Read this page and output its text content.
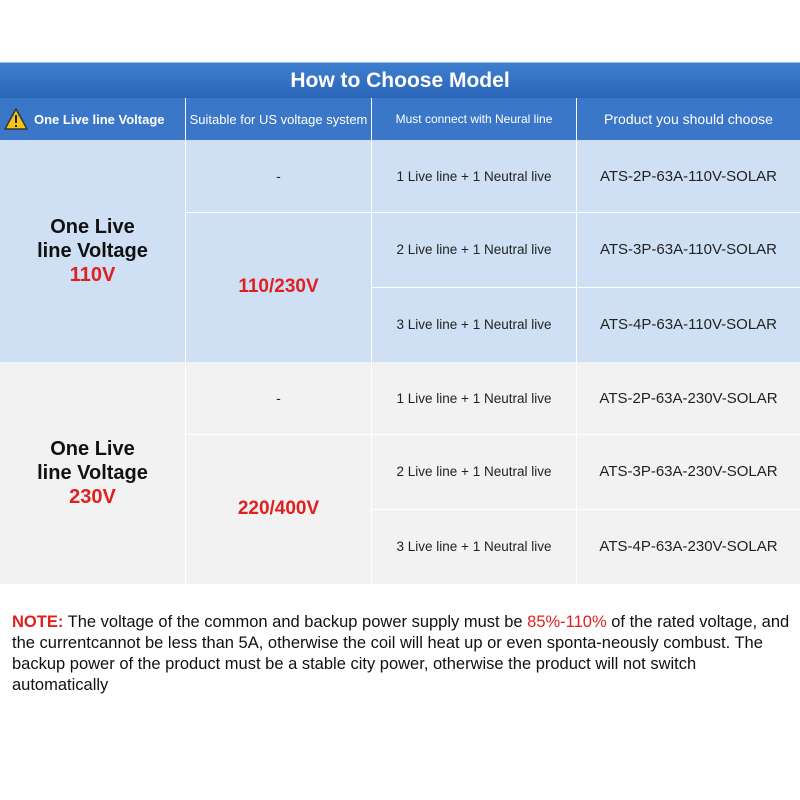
How to Choose Model
One Live line Voltage Suitable for US voltage system	Must connect with Neural line	Product you should choose
One Live
line Voltage
110V
-
110/230V
1 Live line + 1 Neutral live
2 Live line + 1 Neutral live
3 Live line + 1 Neutral live
ATS-2P-63A-110V-SOLAR
ATS-3P-63A-110V-SOLAR
ATS-4P-63A-110V-SOLAR
One Live
line Voltage
230V
-
220/400V
1 Live line + 1 Neutral live
2 Live line + 1 Neutral live
3 Live line + 1 Neutral live
ATS-2P-63A-230V-SOLAR
ATS-3P-63A-230V-SOLAR
ATS-4P-63A-230V-SOLAR
NOTE: The voltage of the common and backup power supply must be 85%-110% of the rated voltage, and the currentcannot be less than 5A, otherwise the coil will heat up or even sponta-neously combust. The backup power of the product must be a stable city power, otherwise the product will not switch automatically
